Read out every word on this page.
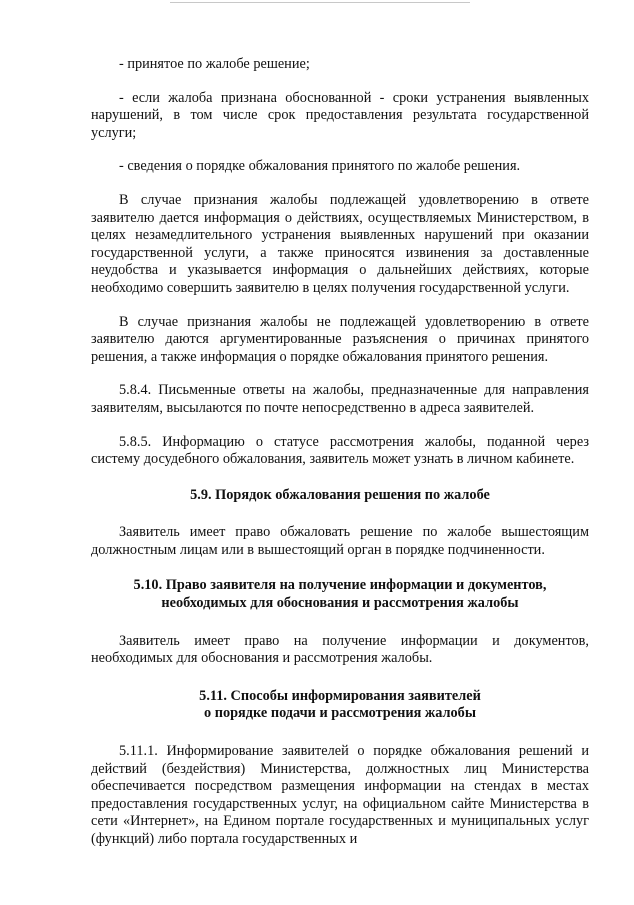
- принятое по жалобе решение;

- если жалоба признана обоснованной - сроки устранения выявленных нарушений, в том числе срок предоставления результата государственной услуги;

- сведения о порядке обжалования принятого по жалобе решения.

В случае признания жалобы подлежащей удовлетворению в ответе заявителю дается информация о действиях, осуществляемых Министерством, в целях незамедлительного устранения выявленных нарушений при оказании государственной услуги, а также приносятся извинения за доставленные неудобства и указывается информация о дальнейших действиях, которые необходимо совершить заявителю в целях получения государственной услуги.

В случае признания жалобы не подлежащей удовлетворению в ответе заявителю даются аргументированные разъяснения о причинах принятого решения, а также информация о порядке обжалования принятого решения.

5.8.4. Письменные ответы на жалобы, предназначенные для направления заявителям, высылаются по почте непосредственно в адреса заявителей.

5.8.5. Информацию о статусе рассмотрения жалобы, поданной через систему досудебного обжалования, заявитель может узнать в личном кабинете.

5.9. Порядок обжалования решения по жалобе

Заявитель имеет право обжаловать решение по жалобе вышестоящим должностным лицам или в вышестоящий орган в порядке подчиненности.

5.10. Право заявителя на получение информации и документов,
необходимых для обоснования и рассмотрения жалобы

Заявитель имеет право на получение информации и документов, необходимых для обоснования и рассмотрения жалобы.

5.11. Способы информирования заявителей
о порядке подачи и рассмотрения жалобы

5.11.1. Информирование заявителей о порядке обжалования решений и действий (бездействия) Министерства, должностных лиц Министерства обеспечивается посредством размещения информации на стендах в местах предоставления государственных услуг, на официальном сайте Министерства в сети «Интернет», на Едином портале государственных и муниципальных услуг (функций) либо портала государственных и
